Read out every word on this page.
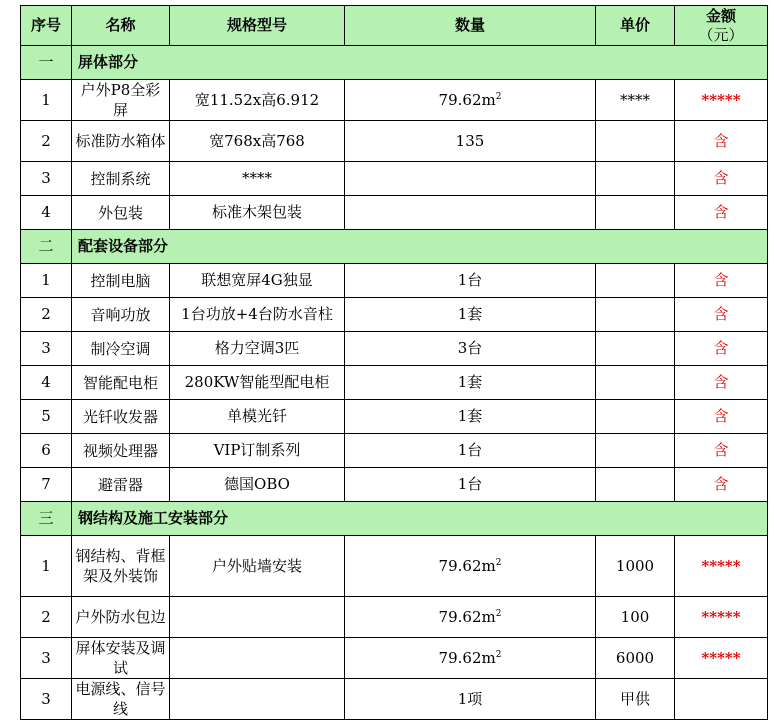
序号	名称	规格型号	数量	单价	金额
（元）

一	屏体部分				
1	户外P8全彩屏	宽11.52x高6.912	$79.62m^2$	****	*****
2	标准防水箱体	宽768x高768	135		含
3	控制系统	****			含
4	外包装	标准木架包装			含
二	配套设备部分				
1	控制电脑	联想宽屏4G独显	1台		含
2	音响功放	1台功放+4台防水音柱	1套		含
3	制冷空调	格力空调3匹	3台		含
4	智能配电柜	280KW智能型配电柜	1套		含
5	光钎收发器	单模光钎	1套		含
6	视频处理器	VIP订制系列	1台		含
7	避雷器	德国OBO	1台		含
三	钢结构及施工安装部分				
1	钢结构、背框架及外装饰	户外贴墙安装	$79.62m^2$	1000	*****
2	户外防水包边		$79.62m^2$	100	*****
3	屏体安装及调试		$79.62m^2$	6000	*****
3	电源线、信号线		1项	甲供	
